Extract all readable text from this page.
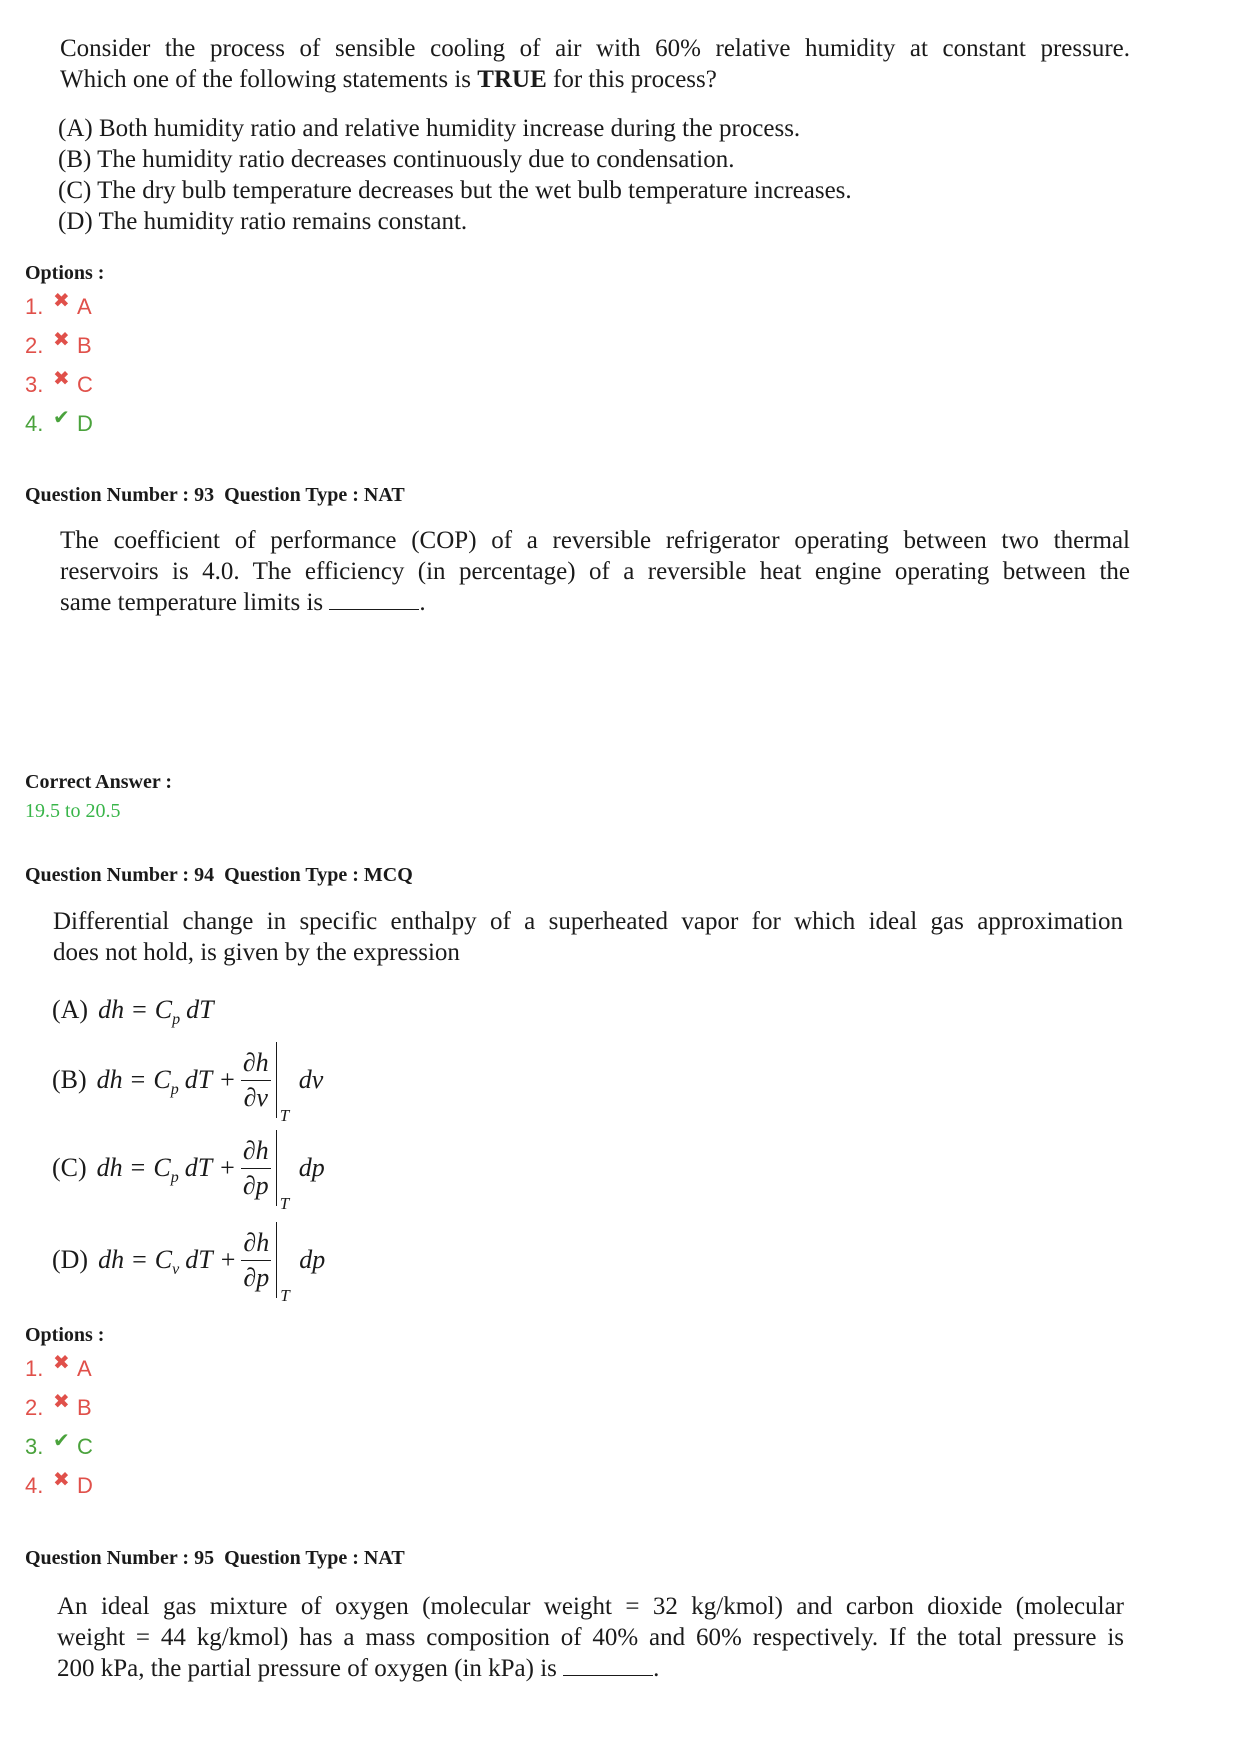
Consider the process of sensible cooling of air with 60% relative humidity at constant pressure.

Which one of the following statements is TRUE for this process?

(A) Both humidity ratio and relative humidity increase during the process.
(B) The humidity ratio decreases continuously due to condensation.
(C) The dry bulb temperature decreases but the wet bulb temperature increases.
(D) The humidity ratio remains constant.
Options :
1. ✖ A
2. ✖ B
3. ✖ C
4. ✔ D
Question Number : 93  Question Type : NAT

The coefficient of performance (COP) of a reversible refrigerator operating between two thermal

reservoirs is 4.0. The efficiency (in percentage) of a reversible heat engine operating between the

same temperature limits is	.

Correct Answer :
19.5 to 20.5
Question Number : 94  Question Type : MCQ

Differential change in specific enthalpy of a superheated vapor for which ideal gas approximation

does not hold, is given by the expression

(A) dh = C p dT
(B) dh = C p dT + $\frac{\partial h}{\partial v}$
T
dv
(C) dh = C p dT + $\frac{\partial h}{\partial p}$
T
dp
(D) dh = C v dT + $\frac{\partial h}{\partial p}$
T
dp
Options :
1. ✖ A
2. ✖ B
3. ✔ C
4. ✖ D
Question Number : 95  Question Type : NAT

An ideal gas mixture of oxygen (molecular weight = 32 kg/kmol) and carbon dioxide (molecular

weight = 44 kg/kmol) has a mass composition of 40% and 60% respectively. If the total pressure is

200 kPa, the partial pressure of oxygen (in kPa) is	.
